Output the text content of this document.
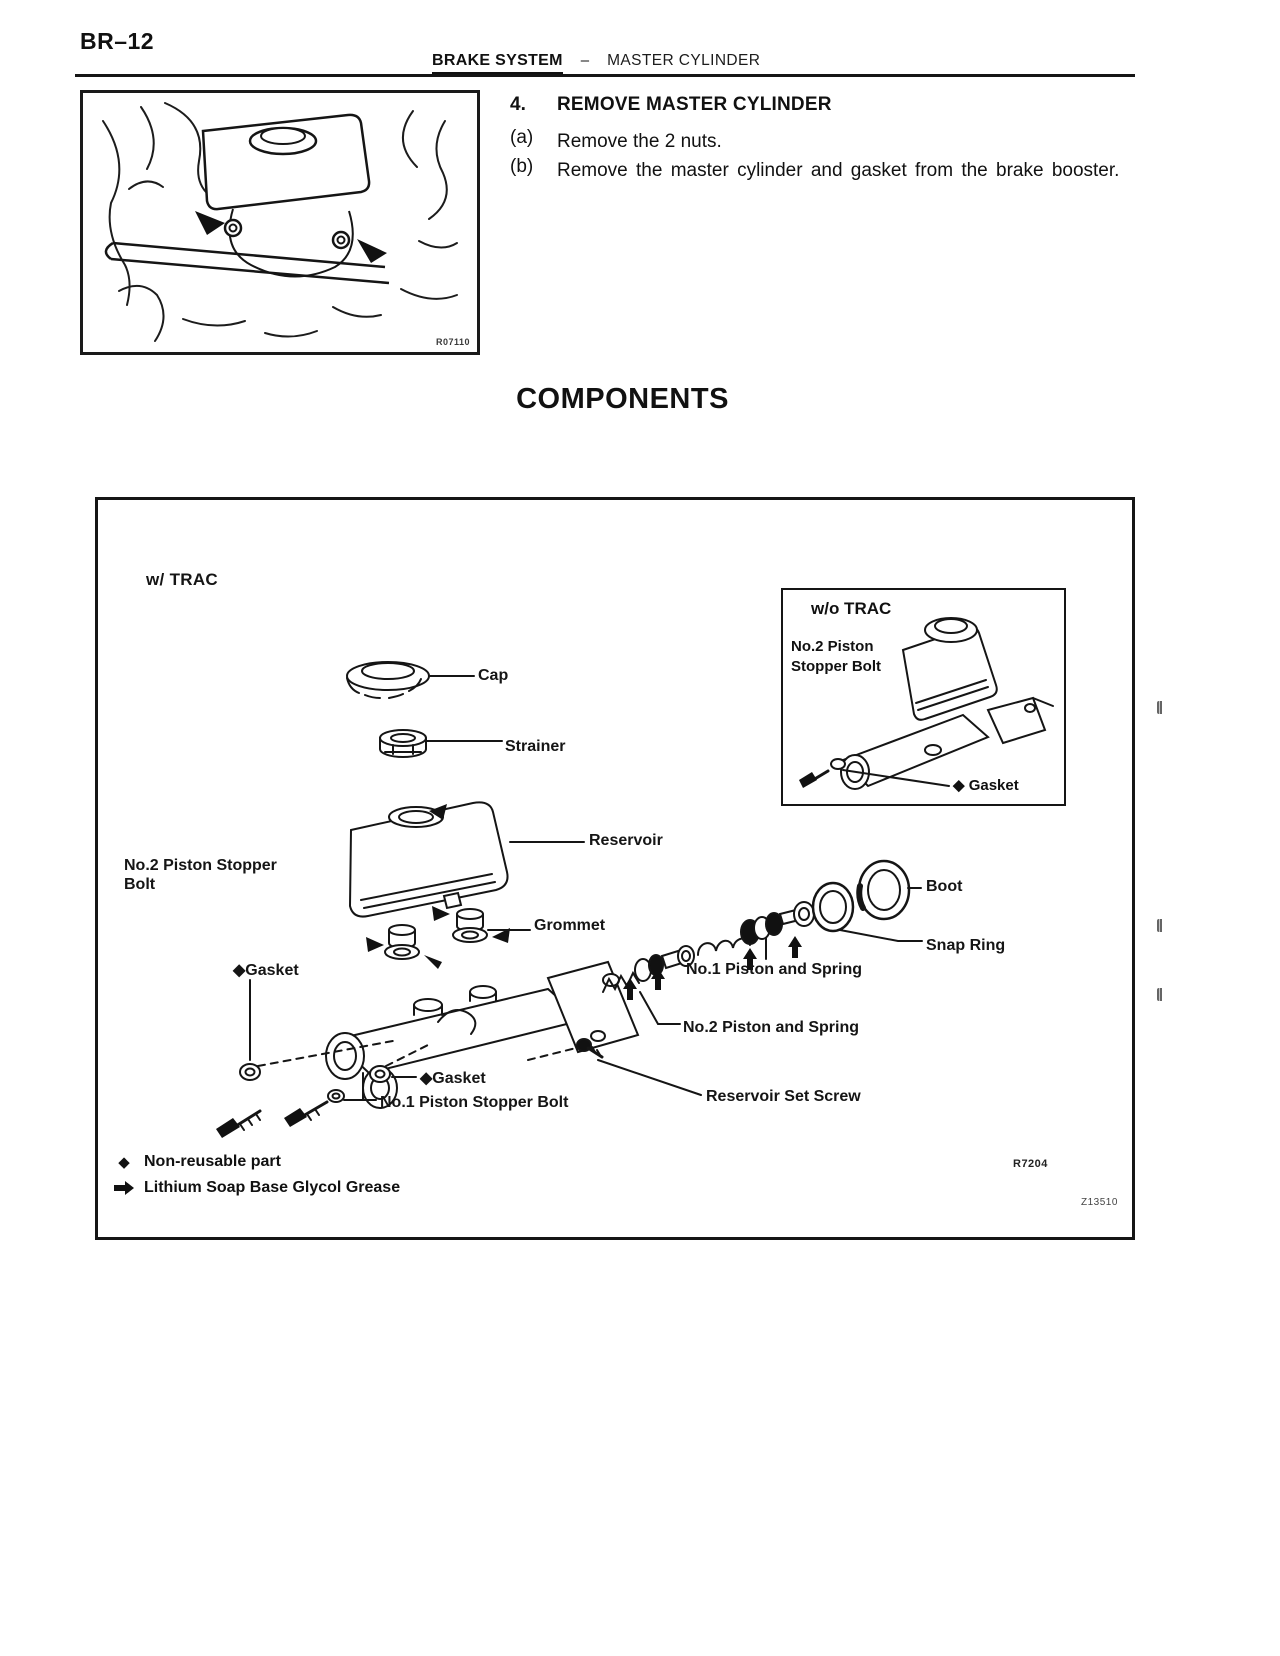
BR–12
BRAKE SYSTEM – MASTER CYLINDER
R07110
4.	REMOVE MASTER CYLINDER
(a)	Remove the 2 nuts.
(b)	Remove the master cylinder and gasket from the brake booster.
COMPONENTS
w/ TRAC
w/o TRAC
No.2 Piston Stopper Bolt
◆ Gasket
Cap
Strainer
Reservoir
No.2 Piston Stopper Bolt
Grommet
◆Gasket
Boot
Snap Ring
No.1 Piston and Spring
No.2 Piston and Spring
◆Gasket
No.1 Piston Stopper Bolt	Reservoir Set Screw
◆ Non-reusable part
Lithium Soap Base Glycol Grease
R7204
Z13510
